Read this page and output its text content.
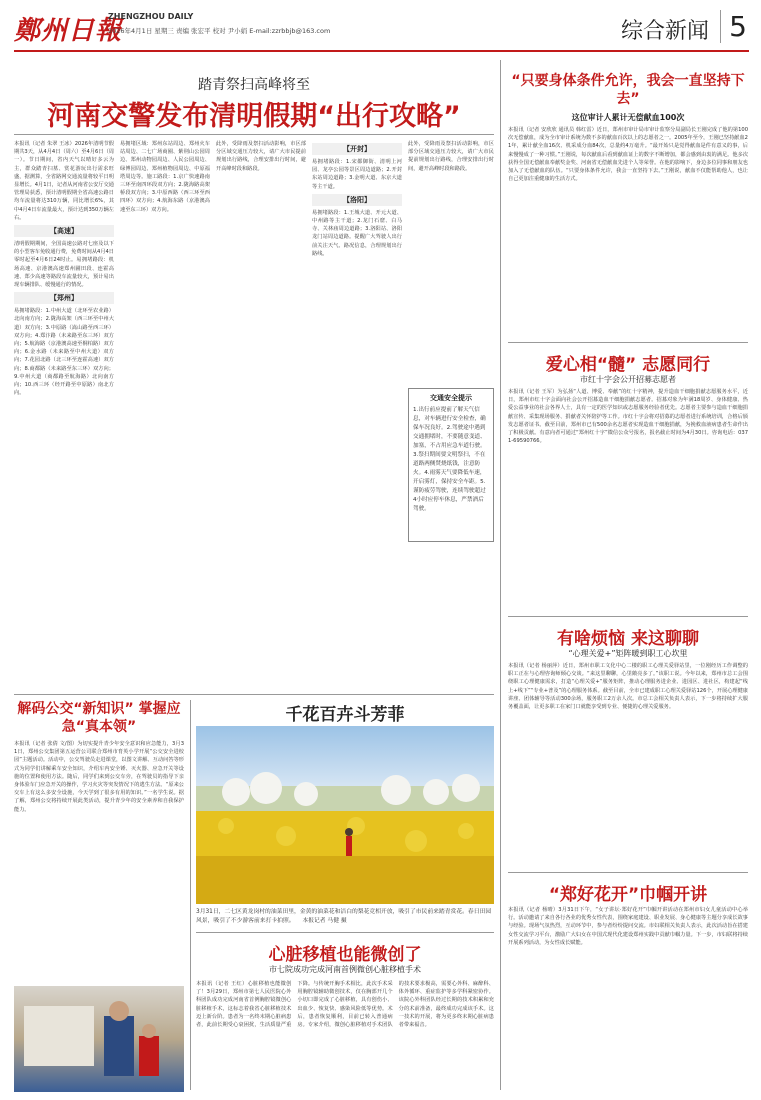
鄭州日報
ZHENGZHOU DAILY
2026年4月1日 星期三 责编 张宏平 校对 尹小娟 E-mail:zzrbbjb@163.com	综合新闻 5
踏青祭扫高峰将至
河南交警发布清明假期“出行攻略”

本报讯（记者 朱翠 王冰）2026年清明节假期共3天，从4月4日（周六）至4月6日（周一）。节日期间，省内天气以晴好多云为主，群众踏青扫墓、赏花游玩出行需求旺盛，据测算，全省路网交通流量将较平日明显增长。4月1日，记者从河南省公安厅交通管理局获悉，预计清明假期全省高速公路日均车流量将达310万辆，同比增长6%，其中4月4日车流量最大，预计达到350万辆左右。

【高速】

清明假期期间，全国高速公路对七座及以下的小型客车免收通行费，免费时间从4月4日零时起至4月6日24时止。易拥堵路段：机场高速、京港澳高速郑州圃田段、连霍高速、郑少高速等路段车流量较大，预计易出现车辆排队、缓慢通行的情况。

【郑州】

易拥堵路段：1.中州大道（北环至农业路）北向南方向；2.陇海高架（西三环至中州大道）双方向；3.中原路（嵩山路至西三环）双方向；4.郑汴路（未来路至东三环）双方向；5.航海路（京港澳高速至桐柏路）双方向；6.金水路（未来路至中州大道）双方向；7.花园北路（北三环至连霍高速）双方向；8.商都路（未来路至东三环）双方向；9.中州大道（商都路至航海路）北向南方向；10.西三环（经开路至中原路）南北方向。

易拥堵区域：郑州东站周边、郑州火车站周边、二七广场商圈、紫荆山公园周边、郑州动物园周边、人民公园周边、绿博园周边、郑州植物园周边、中原福塔周边等。施工路段：1.京广快速路南三环至南四环段双方向；2.陇海路高架桥段双方向；3.中原西路（西三环至西四环）双方向；4.航海东路（京港澳高速至东三环）双方向。

此外，受降雨及祭扫活动影响，市区部分区域交通压力较大，请广大市民提前规划出行路线，合理安排出行时间，避开高峰时段和路段。

【开封】

易拥堵路段：1.宋都御街、清明上河园、龙亭公园等景区周边道路；2.开封东站周边道路；3.金明大道、东京大道等主干道。

【洛阳】

易拥堵路段：1.王城大道、开元大道、中州路等主干道；2.龙门石窟、白马寺、关林庙周边道路；3.洛阳站、洛阳龙门站周边道路。提醒广大驾驶人出行前关注天气、路况信息，合理规划出行路线。

交通安全提示
1.出行前应提前了解天气信息，对车辆进行安全检查，确保车况良好。2.驾驶途中遇到交通拥堵时，不要随意变道、加塞，不占用应急车道行驶。3.祭扫期间要文明祭扫，不在道路两侧焚烧纸钱，注意防火。4.雨雾天气要降低车速，开启雾灯，保持安全车距。5.谨防疲劳驾驶，连续驾驶超过4小时应停车休息，严禁酒后驾驶。

此外，受降雨及祭扫活动影响，市区部分区域交通压力较大，请广大市民提前规划出行路线，合理安排出行时间，避开高峰时段和路段。

“只要身体条件允许，我会一直坚持下去”
这位审计人累计无偿献血100次

本报讯（记者 安欣欣 通讯员 韩红雷）近日，郑州市审计局市审计监察分局副局长王刚完成了他的第100次无偿献血，成为全市审计系统为数不多的献血百次以上的志愿者之一。2005年至今，王刚已坚持献血21年，累计献全血16次、机采成分血84次，总量约4万毫升。“最开始只是觉得献血是件有意义的事，后来慢慢成了一种习惯。”王刚说，每次献血后看到献血证上的数字不断增加，都会感到由衷的满足。他多次获得全国无偿献血奉献奖金奖、河南省无偿献血先进个人等荣誉。在他的影响下，身边多位同事和朋友也加入了无偿献血的队伍。“只要身体条件允许，我会一直坚持下去。”王刚说，献血不仅能帮助他人，也让自己更加注重健康的生活方式。

爱心相“髓” 志愿同行
市红十字会公开招募志愿者

本报讯（记者 王军）为弘扬“人道、博爱、奉献”的红十字精神，提升造血干细胞捐献志愿服务水平，近日，郑州市红十字会面向社会公开招募造血干细胞捐献志愿者。招募对象为年满18周岁、身体健康、热爱公益事业的社会各界人士，具有一定的医学知识或志愿服务经验者优先。志愿者主要参与造血干细胞捐献宣传、采集现场服务、捐献者关怀陪护等工作。市红十字会将对招募的志愿者进行系统培训，合格后颁发志愿者证书。截至目前，郑州市已有500余名志愿者实现造血干细胞捐献，为挽救血液病患者生命作出了积极贡献。有意向者可通过“郑州红十字”微信公众号报名，报名截止时间为4月30日。咨询电话：0371-69590766。

有啥烦恼 来这聊聊
“心理关爱+”矩阵暖到职工心坎里

本报讯（记者 杨丽萍）近日，郑州市职工文化中心二楼的职工心理关爱驿站里，一位刚经历工作调整的职工正在与心理咨询师倾心交谈。“来这里聊聊，心里敞亮多了。”该职工说。今年以来，郑州市总工会围绕职工心理健康需求，打造“心理关爱+”服务矩阵，推动心理服务进企业、进园区、进社区，构建起“线上+线下”“专业+普及”的心理服务体系。截至目前，全市已建成职工心理关爱驿站126个，开展心理健康讲座、团体辅导等活动300余场，服务职工2万余人次。市总工会相关负责人表示，下一步将持续扩大服务覆盖面，让更多职工在家门口就能享受到专业、便捷的心理关爱服务。

“郑好花开”巾帼开讲

本报讯（记者 杨晴）3月31日下午，“女子讲坛·郑好花开”巾帼开讲活动在郑州市妇女儿童活动中心举行。活动邀请了来自各行各业的优秀女性代表，围绕家庭建设、职业发展、身心健康等主题分享成长故事与经验。现场气氛热烈，互动环节中，参与者纷纷提问交流。市妇联相关负责人表示，此次活动旨在搭建女性交流学习平台，激励广大妇女在中国式现代化建设郑州实践中贡献巾帼力量。下一步，市妇联将持续开展系列活动，为女性成长赋能。

解码公交“新知识” 掌握应急“真本领”

本报讯（记者 张倩 文/图）为切实提升青少年安全意识和应急能力，3月31日，郑州公交集团第五运营公司联合郑州市育英小学开展“公交安全进校园”主题活动。活动中，公交驾驶员走进课堂，以图文讲解、互动问答等形式为同学们讲解乘车安全知识，介绍车内安全锤、灭火器、应急开关等设施的位置和使用方法。随后，同学们来到公交车旁，在驾驶员的指导下亲身体验车门应急开关的操作，学习火灾等突发情况下的逃生方法。“原来公交车上有这么多安全设施，今天学到了很多有用的知识。”一名学生说。据了解，郑州公交将持续开展此类活动，提升青少年的安全素养和自我保护能力。

千花百卉斗芳菲
3月31日，二七区黄龙岗村的油菜田里，金黄的油菜花和洁白的梨花竞相开放，吸引了市民前来踏青赏花。春日田园风景，吸引了不少游客前来打卡拍照。 本报记者 马健 摄
心脏移植也能微创了
市七院成功完成河南首例微创心脏移植手术

本报讯（记者 王红）心脏移植也能微创了！3月29日，郑州市第七人民医院心外科团队成功完成河南省首例胸腔镜微创心脏移植手术，这标志着我省心脏移植技术迈上新台阶。患者为一名终末期心脏病患者，此前长期受心衰困扰，生活质量严重下降。与传统开胸手术相比，此次手术采用胸腔镜辅助微创技术，仅在胸部开几个小切口即完成了心脏移植，具有创伤小、出血少、恢复快、感染风险低等优势。术后，患者恢复顺利，目前已转入普通病房。专家介绍，微创心脏移植对手术团队的技术要求极高，需要心外科、麻醉科、体外循环、重症监护等多学科紧密协作。该院心外科团队经过长期的技术积累和充分的术前准备，最终成功完成该手术。这一技术的开展，将为更多终末期心脏病患者带来福音。
